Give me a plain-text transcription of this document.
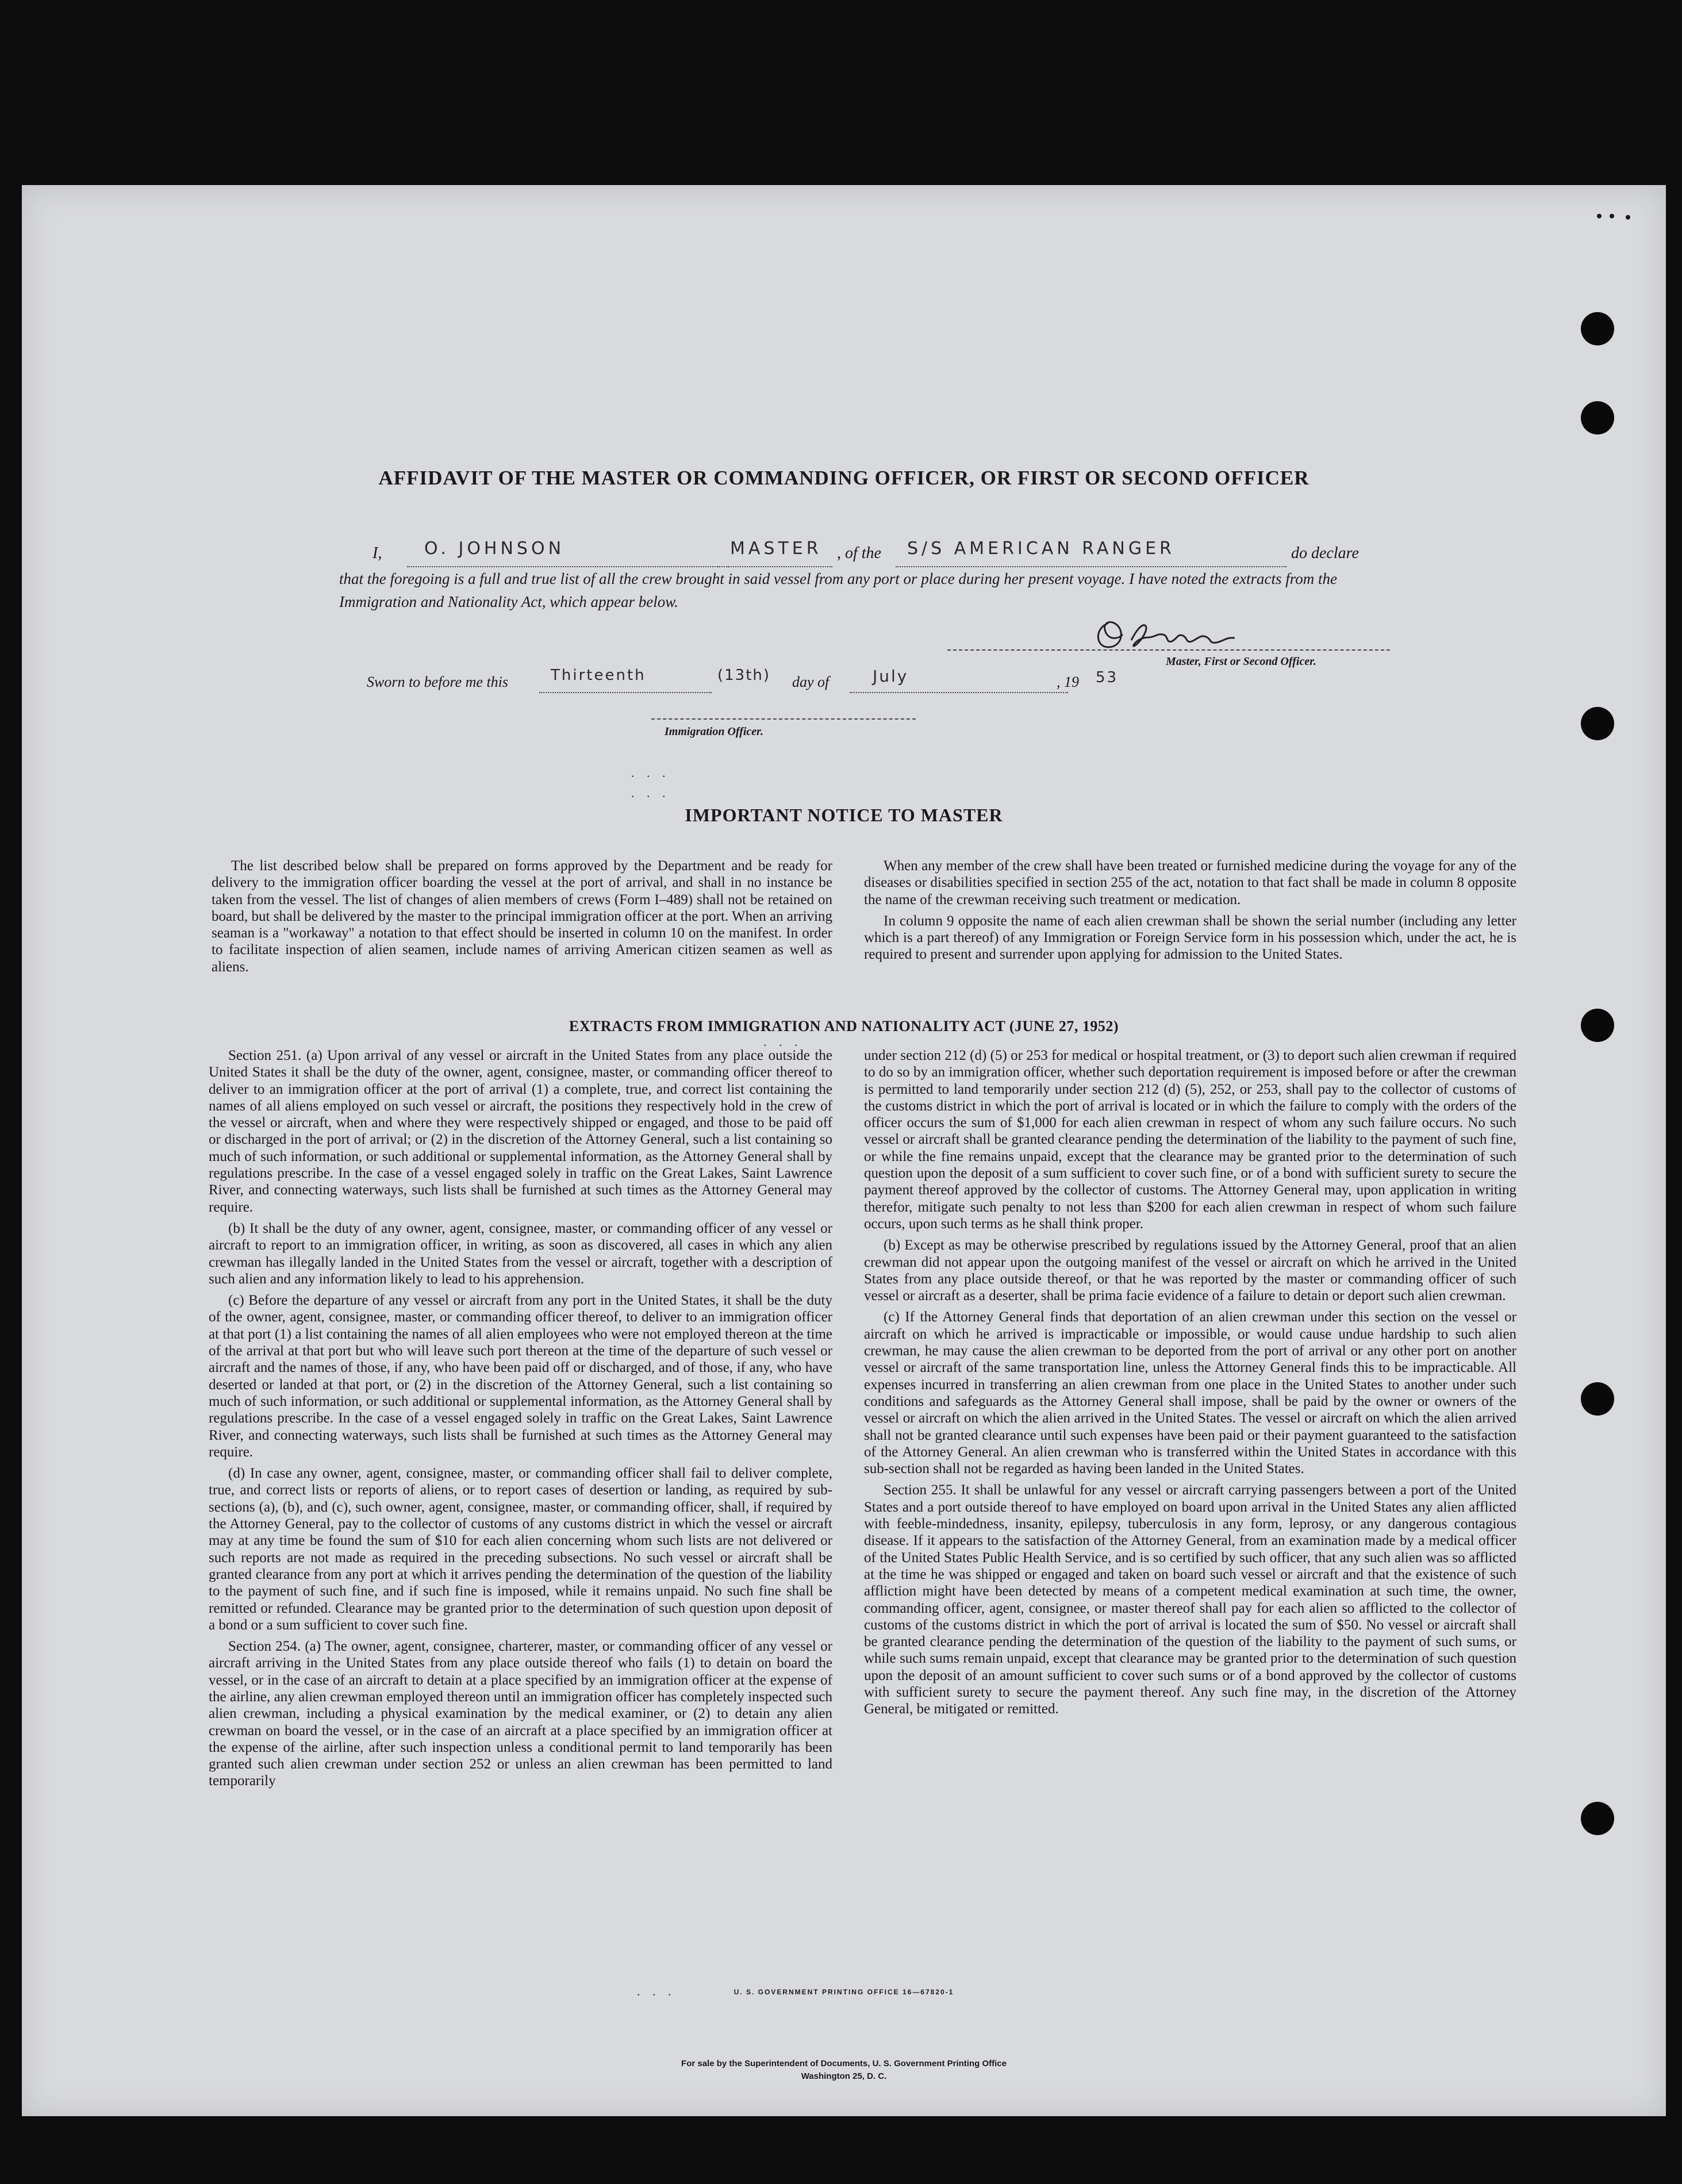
AFFIDAVIT OF THE MASTER OR COMMANDING OFFICER, OR FIRST OR SECOND OFFICER
I, O. JOHNSON	MASTER , of the S/S AMERICAN RANGER	do declare
that the foregoing is a full and true list of all the crew brought in said vessel from any port or place during her present voyage. I have noted the extracts from the Immigration and Nationality Act, which appear below.
Master, First or Second Officer.
Sworn to before me this	Thirteenth	(13th) day of	July	, 19 53
Immigration Officer.
. . .
. . .
IMPORTANT NOTICE TO MASTER

The list described below shall be prepared on forms approved by the Department and be ready for delivery to the immigration officer boarding the vessel at the port of arrival, and shall in no instance be taken from the vessel. The list of changes of alien members of crews (Form I–489) shall not be retained on board, but shall be delivered by the master to the principal immigration officer at the port. When an arriving seaman is a "workaway" a notation to that effect should be inserted in column 10 on the manifest. In order to facilitate inspection of alien seamen, include names of arriving American citizen seamen as well as aliens.

When any member of the crew shall have been treated or furnished medicine during the voyage for any of the diseases or disabilities specified in section 255 of the act, notation to that fact shall be made in column 8 opposite the name of the crewman receiving such treatment or medication.

In column 9 opposite the name of each alien crewman shall be shown the serial number (including any letter which is a part thereof) of any Immigration or Foreign Service form in his possession which, under the act, he is required to present and surrender upon applying for admission to the United States.

EXTRACTS FROM IMMIGRATION AND NATIONALITY ACT (JUNE 27, 1952)
. . .

Section 251. (a) Upon arrival of any vessel or aircraft in the United States from any place outside the United States it shall be the duty of the owner, agent, consignee, master, or commanding officer thereof to deliver to an immigration officer at the port of arrival (1) a complete, true, and correct list containing the names of all aliens employed on such vessel or aircraft, the positions they respectively hold in the crew of the vessel or aircraft, when and where they were respectively shipped or engaged, and those to be paid off or discharged in the port of arrival; or (2) in the discretion of the Attorney General, such a list containing so much of such information, or such additional or supplemental information, as the Attorney General shall by regulations prescribe. In the case of a vessel engaged solely in traffic on the Great Lakes, Saint Lawrence River, and connecting waterways, such lists shall be furnished at such times as the Attorney General may require.

(b) It shall be the duty of any owner, agent, consignee, master, or commanding officer of any vessel or aircraft to report to an immigration officer, in writing, as soon as discovered, all cases in which any alien crewman has illegally landed in the United States from the vessel or aircraft, together with a description of such alien and any information likely to lead to his apprehension.

(c) Before the departure of any vessel or aircraft from any port in the United States, it shall be the duty of the owner, agent, consignee, master, or commanding officer thereof, to deliver to an immigration officer at that port (1) a list containing the names of all alien employees who were not employed thereon at the time of the arrival at that port but who will leave such port thereon at the time of the departure of such vessel or aircraft and the names of those, if any, who have been paid off or discharged, and of those, if any, who have deserted or landed at that port, or (2) in the discretion of the Attorney General, such a list containing so much of such information, or such additional or supplemental information, as the Attorney General shall by regulations prescribe. In the case of a vessel engaged solely in traffic on the Great Lakes, Saint Lawrence River, and connecting waterways, such lists shall be furnished at such times as the Attorney General may require.

(d) In case any owner, agent, consignee, master, or commanding officer shall fail to deliver complete, true, and correct lists or reports of aliens, or to report cases of desertion or landing, as required by sub-sections (a), (b), and (c), such owner, agent, consignee, master, or commanding officer, shall, if required by the Attorney General, pay to the collector of customs of any customs district in which the vessel or aircraft may at any time be found the sum of $10 for each alien concerning whom such lists are not delivered or such reports are not made as required in the preceding subsections. No such vessel or aircraft shall be granted clearance from any port at which it arrives pending the determination of the question of the liability to the payment of such fine, and if such fine is imposed, while it remains unpaid. No such fine shall be remitted or refunded. Clearance may be granted prior to the determination of such question upon deposit of a bond or a sum sufficient to cover such fine.

Section 254. (a) The owner, agent, consignee, charterer, master, or commanding officer of any vessel or aircraft arriving in the United States from any place outside thereof who fails (1) to detain on board the vessel, or in the case of an aircraft to detain at a place specified by an immigration officer at the expense of the airline, any alien crewman employed thereon until an immigration officer has completely inspected such alien crewman, including a physical examination by the medical examiner, or (2) to detain any alien crewman on board the vessel, or in the case of an aircraft at a place specified by an immigration officer at the expense of the airline, after such inspection unless a conditional permit to land temporarily has been granted such alien crewman under section 252 or unless an alien crewman has been permitted to land temporarily

under section 212 (d) (5) or 253 for medical or hospital treatment, or (3) to deport such alien crewman if required to do so by an immigration officer, whether such deportation requirement is imposed before or after the crewman is permitted to land temporarily under section 212 (d) (5), 252, or 253, shall pay to the collector of customs of the customs district in which the port of arrival is located or in which the failure to comply with the orders of the officer occurs the sum of $1,000 for each alien crewman in respect of whom any such failure occurs. No such vessel or aircraft shall be granted clearance pending the determination of the liability to the payment of such fine, or while the fine remains unpaid, except that the clearance may be granted prior to the determination of such question upon the deposit of a sum sufficient to cover such fine, or of a bond with sufficient surety to secure the payment thereof approved by the collector of customs. The Attorney General may, upon application in writing therefor, mitigate such penalty to not less than $200 for each alien crewman in respect of whom such failure occurs, upon such terms as he shall think proper.

(b) Except as may be otherwise prescribed by regulations issued by the Attorney General, proof that an alien crewman did not appear upon the outgoing manifest of the vessel or aircraft on which he arrived in the United States from any place outside thereof, or that he was reported by the master or commanding officer of such vessel or aircraft as a deserter, shall be prima facie evidence of a failure to detain or deport such alien crewman.

(c) If the Attorney General finds that deportation of an alien crewman under this section on the vessel or aircraft on which he arrived is impracticable or impossible, or would cause undue hardship to such alien crewman, he may cause the alien crewman to be deported from the port of arrival or any other port on another vessel or aircraft of the same transportation line, unless the Attorney General finds this to be impracticable. All expenses incurred in transferring an alien crewman from one place in the United States to another under such conditions and safeguards as the Attorney General shall impose, shall be paid by the owner or owners of the vessel or aircraft on which the alien arrived in the United States. The vessel or aircraft on which the alien arrived shall not be granted clearance until such expenses have been paid or their payment guaranteed to the satisfaction of the Attorney General. An alien crewman who is transferred within the United States in accordance with this sub-section shall not be regarded as having been landed in the United States.

Section 255. It shall be unlawful for any vessel or aircraft carrying passengers between a port of the United States and a port outside thereof to have employed on board upon arrival in the United States any alien afflicted with feeble-mindedness, insanity, epilepsy, tuberculosis in any form, leprosy, or any dangerous contagious disease. If it appears to the satisfaction of the Attorney General, from an examination made by a medical officer of the United States Public Health Service, and is so certified by such officer, that any such alien was so afflicted at the time he was shipped or engaged and taken on board such vessel or aircraft and that the existence of such affliction might have been detected by means of a competent medical examination at such time, the owner, commanding officer, agent, consignee, or master thereof shall pay for each alien so afflicted to the collector of customs of the customs district in which the port of arrival is located the sum of $50. No vessel or aircraft shall be granted clearance pending the determination of the question of the liability to the payment of such sums, or while such sums remain unpaid, except that clearance may be granted prior to the determination of such question upon the deposit of an amount sufficient to cover such sums or of a bond approved by the collector of customs with sufficient surety to secure the payment thereof. Any such fine may, in the discretion of the Attorney General, be mitigated or remitted.

. . .	U. S. GOVERNMENT PRINTING OFFICE 16—67820-1
For sale by the Superintendent of Documents, U. S. Government Printing Office
Washington 25, D. C.
